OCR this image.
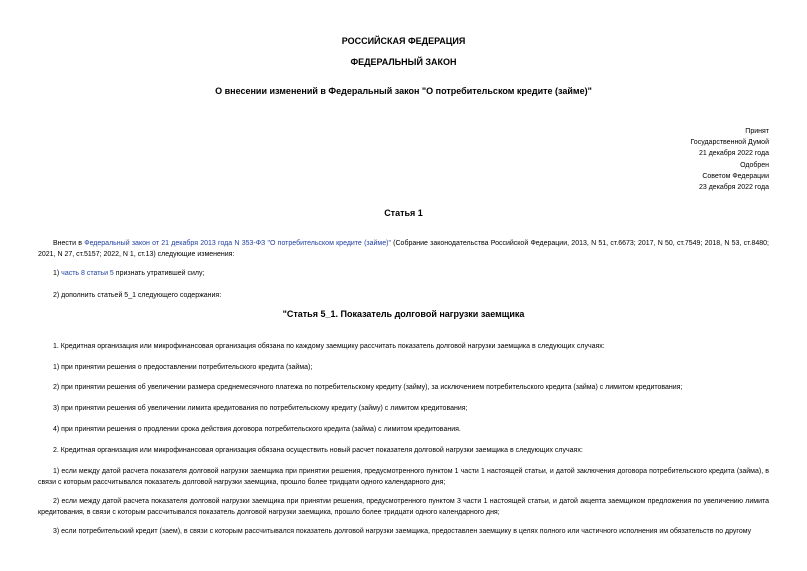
РОССИЙСКАЯ ФЕДЕРАЦИЯ
ФЕДЕРАЛЬНЫЙ ЗАКОН
О внесении изменений в Федеральный закон "О потребительском кредите (займе)"
Принят
Государственной Думой
21 декабря 2022 года
Одобрен
Советом Федерации
23 декабря 2022 года
Статья 1
Внести в Федеральный закон от 21 декабря 2013 года N 353-ФЗ "О потребительском кредите (займе)" (Собрание законодательства Российской Федерации, 2013, N 51, ст.6673; 2017, N 50, ст.7549; 2018, N 53, ст.8480; 2021, N 27, ст.5157; 2022, N 1, ст.13) следующие изменения:
1) часть 8 статьи 5 признать утратившей силу;
2) дополнить статьей 5_1 следующего содержания:
"Статья 5_1. Показатель долговой нагрузки заемщика
1. Кредитная организация или микрофинансовая организация обязана по каждому заемщику рассчитать показатель долговой нагрузки заемщика в следующих случаях:
1) при принятии решения о предоставлении потребительского кредита (займа);
2) при принятии решения об увеличении размера среднемесячного платежа по потребительскому кредиту (займу), за исключением потребительского кредита (займа) с лимитом кредитования;
3) при принятии решения об увеличении лимита кредитования по потребительскому кредиту (займу) с лимитом кредитования;
4) при принятии решения о продлении срока действия договора потребительского кредита (займа) с лимитом кредитования.
2. Кредитная организация или микрофинансовая организация обязана осуществить новый расчет показателя долговой нагрузки заемщика в следующих случаях:
1) если между датой расчета показателя долговой нагрузки заемщика при принятии решения, предусмотренного пунктом 1 части 1 настоящей статьи, и датой заключения договора потребительского кредита (займа), в связи с которым рассчитывался показатель долговой нагрузки заемщика, прошло более тридцати одного календарного дня;
2) если между датой расчета показателя долговой нагрузки заемщика при принятии решения, предусмотренного пунктом 3 части 1 настоящей статьи, и датой акцепта заемщиком предложения по увеличению лимита кредитования, в связи с которым рассчитывался показатель долговой нагрузки заемщика, прошло более тридцати одного календарного дня;
3) если потребительский кредит (заем), в связи с которым рассчитывался показатель долговой нагрузки заемщика, предоставлен заемщику в целях полного или частичного исполнения им обязательств по другому
